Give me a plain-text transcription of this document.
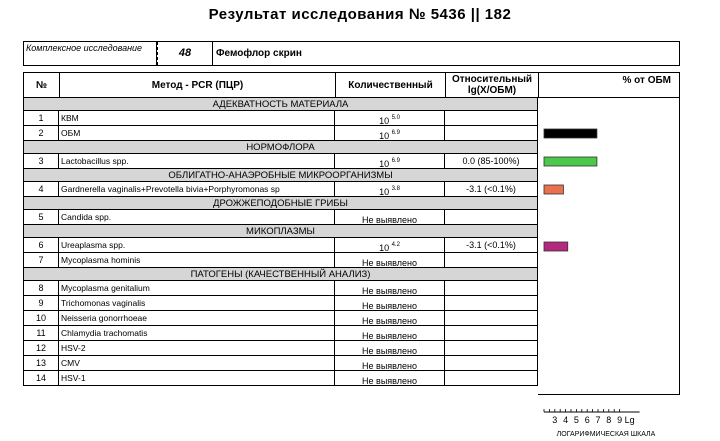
Результат исследования № 5436 || 182
Комплексное исследование	48	Фемофлор скрин
№	Метод - PCR (ПЦР)	Количественный	Относительный lg(X/ОБМ)
% от ОБМ
АДЕКВАТНОСТЬ МАТЕРИАЛА
1	КВМ	10 $^{5.0}$
2	ОБМ	10 $^{6.9}$
НОРМОФЛОРА
3	Lactobacillus spp.	10 $^{6.9}$	0.0 (85-100%)
ОБЛИГАТНО-АНАЭРОБНЫЕ МИКРООРГАНИЗМЫ
4	Gardnerella vaginalis+Prevotella bivia+Porphyromonas sp	10 $^{3.8}$	-3.1 (<0.1%)
ДРОЖЖЕПОДОБНЫЕ ГРИБЫ
5	Candida spp.	Не выявлено
МИКОПЛАЗМЫ
6	Ureaplasma spp.	10 $^{4.2}$	-3.1 (<0.1%)
7	Mycoplasma hominis	Не выявлено
ПАТОГЕНЫ (КАЧЕСТВЕННЫЙ АНАЛИЗ)
8	Mycoplasma genitalium	Не выявлено
9	Trichomonas vaginalis	Не выявлено
10	Neisseria gonorrhoeae	Не выявлено
11	Chlamydia trachomatis	Не выявлено
12	HSV-2	Не выявлено
13	CMV	Не выявлено
14	HSV-1	Не выявлено
3 4 5 6 7 8 9 Lg
ЛОГАРИФМИЧЕСКАЯ ШКАЛА
